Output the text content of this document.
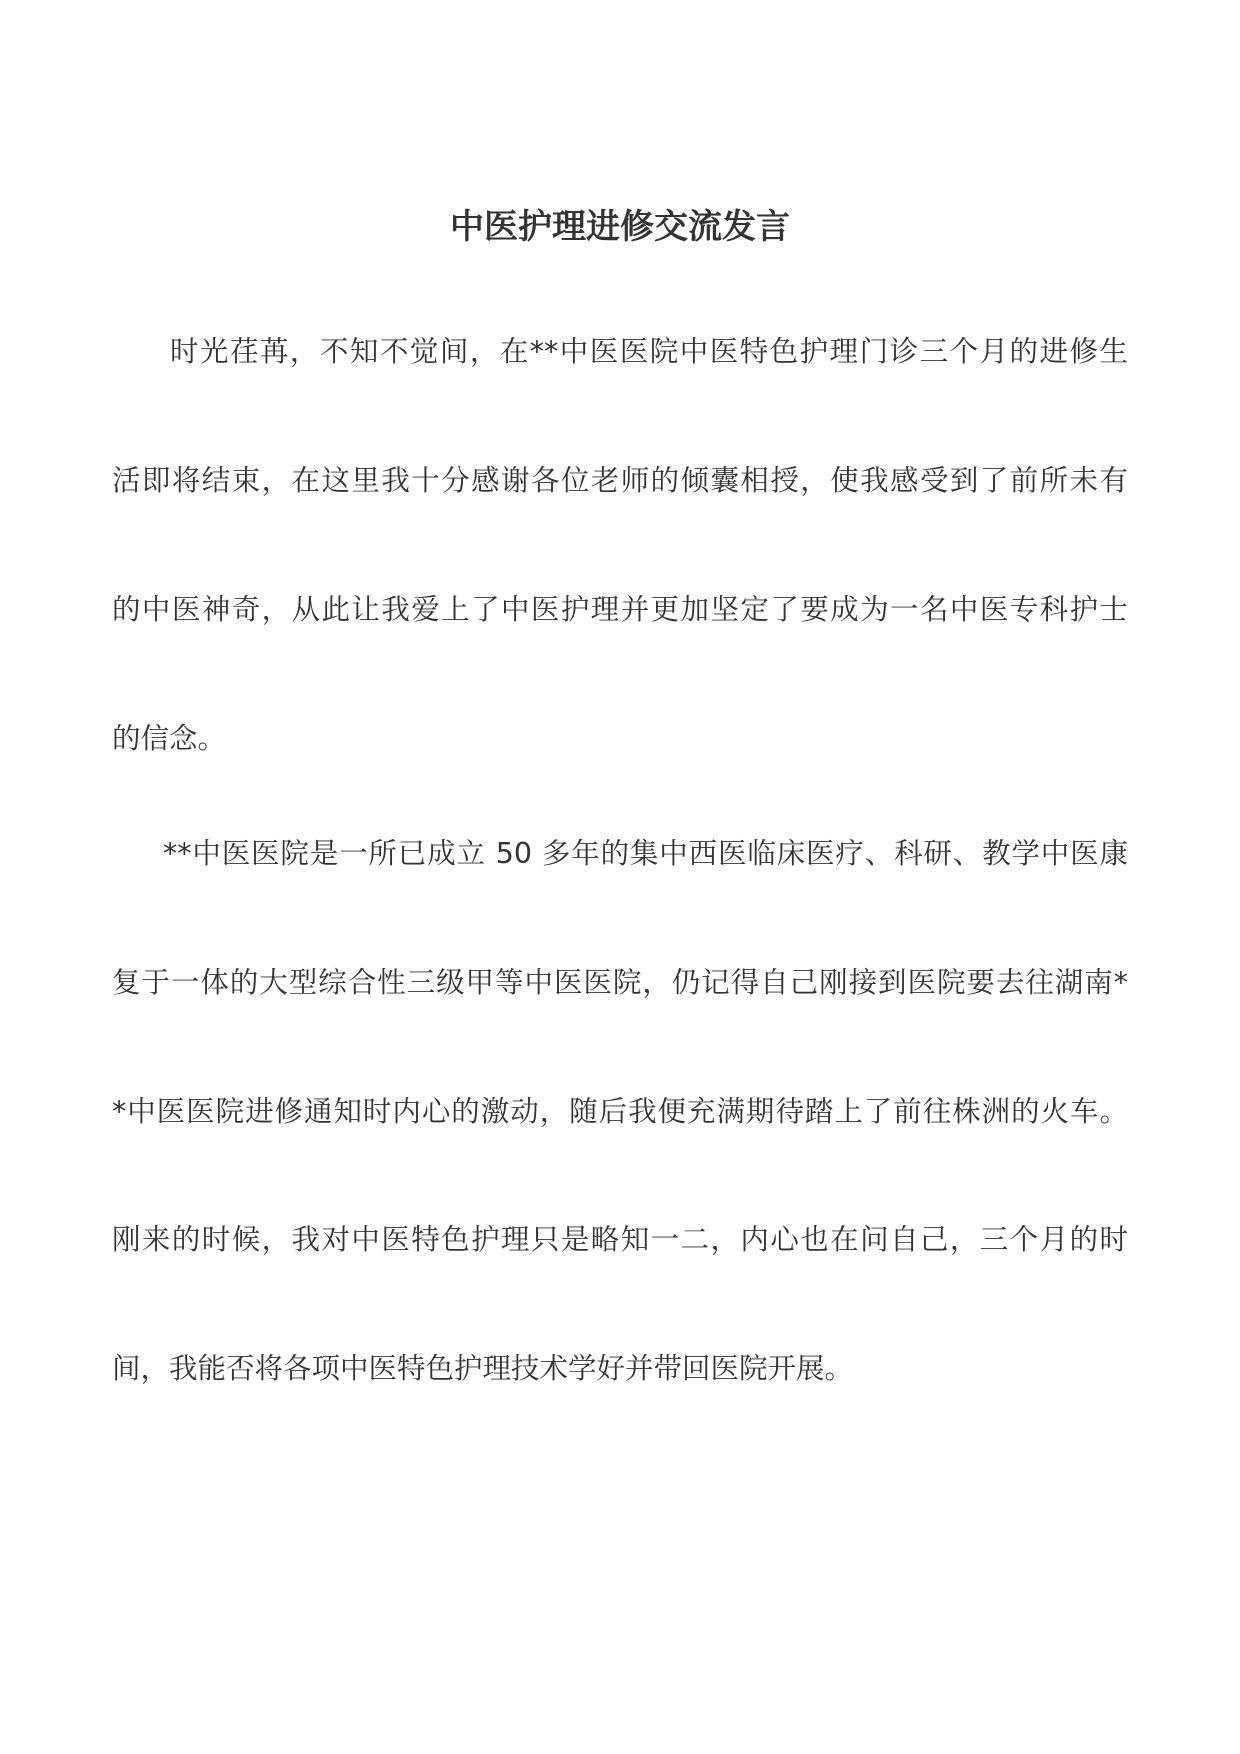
中医护理进修交流发言
时光荏苒，不知不觉间，在**中医医院中医特色护理门诊三个月的进修生
活即将结束，在这里我十分感谢各位老师的倾囊相授，使我感受到了前所未有
的中医神奇，从此让我爱上了中医护理并更加坚定了要成为一名中医专科护士
的信念。
**中医医院是一所已成立 50 多年的集中西医临床医疗、科研、教学中医康
复于一体的大型综合性三级甲等中医医院，仍记得自己刚接到医院要去往湖南*
*中医医院进修通知时内心的激动，随后我便充满期待踏上了前往株洲的火车。
刚来的时候，我对中医特色护理只是略知一二，内心也在问自己，三个月的时
间，我能否将各项中医特色护理技术学好并带回医院开展。
